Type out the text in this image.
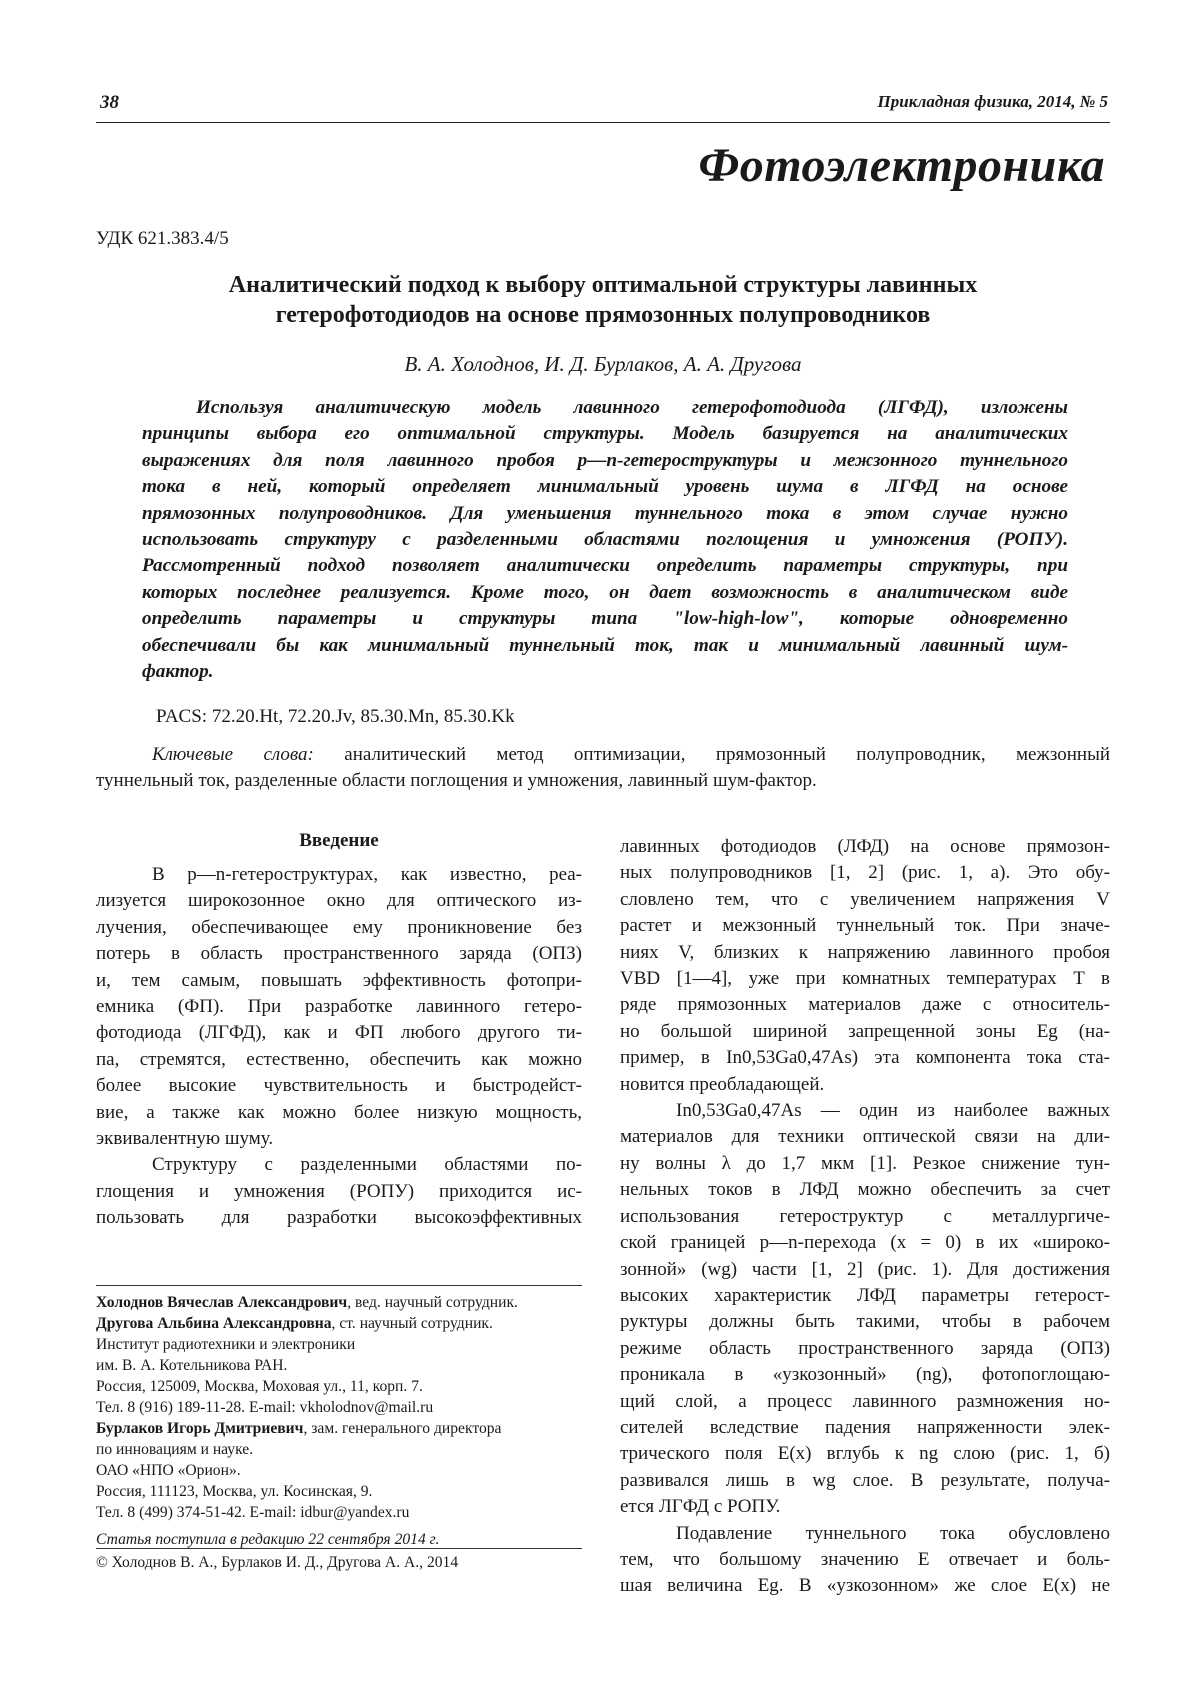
38	Прикладная физика, 2014, № 5
Фотоэлектроника
УДК 621.383.4/5
Аналитический подход к выбору оптимальной структуры лавинных
гетерофотодиодов на основе прямозонных полупроводников
В. А. Холоднов, И. Д. Бурлаков, А. А. Другова
Используя аналитическую модель лавинного гетерофотодиода (ЛГФД), изложены
принципы выбора его оптимальной структуры. Модель базируется на аналитических
выражениях для поля лавинного пробоя p—n-гетероструктуры и межзонного туннельного
тока в ней, который определяет минимальный уровень шума в ЛГФД на основе
прямозонных полупроводников. Для уменьшения туннельного тока в этом случае нужно
использовать структуру с разделенными областями поглощения и умножения (РОПУ).
Рассмотренный подход позволяет аналитически определить параметры структуры, при
которых последнее реализуется. Кроме того, он дает возможность в аналитическом виде
определить параметры и структуры типа "low-high-low", которые одновременно
обеспечивали бы как минимальный туннельный ток, так и минимальный лавинный шум-
фактор.
PACS: 72.20.Ht, 72.20.Jv, 85.30.Mn, 85.30.Kk
Ключевые слова: аналитический метод оптимизации, прямозонный полупроводник, межзонный
туннельный ток, разделенные области поглощения и умножения, лавинный шум-фактор.
Введение
В p—n-гетероструктурах, как известно, реа-
лизуется широкозонное окно для оптического из-
лучения, обеспечивающее ему проникновение без
потерь в область пространственного заряда (ОПЗ)
и, тем самым, повышать эффективность фотопри-
емника (ФП). При разработке лавинного гетеро-
фотодиода (ЛГФД), как и ФП любого другого ти-
па, стремятся, естественно, обеспечить как можно
более высокие чувствительность и быстродейст-
вие, а также как можно более низкую мощность,
эквивалентную шуму.
Структуру с разделенными областями по-
глощения и умножения (РОПУ) приходится ис-
пользовать для разработки высокоэффективных
лавинных фотодиодов (ЛФД) на основе прямозон-
ных полупроводников [1, 2] (рис. 1, а). Это обу-
словлено тем, что с увеличением напряжения V
растет и межзонный туннельный ток. При значе-
ниях V, близких к напряжению лавинного пробоя
VBD [1—4], уже при комнатных температурах T в
ряде прямозонных материалов даже с относитель-
но большой шириной запрещенной зоны Eg (на-
пример, в In0,53Ga0,47As) эта компонента тока ста-
новится преобладающей.
In0,53Ga0,47As — один из наиболее важных
материалов для техники оптической связи на дли-
ну волны λ до 1,7 мкм [1]. Резкое снижение тун-
нельных токов в ЛФД можно обеспечить за счет
использования гетероструктур с металлургиче-
ской границей p—n-перехода (x = 0) в их «широко-
зонной» (wg) части [1, 2] (рис. 1). Для достижения
высоких характеристик ЛФД параметры гетерост-
руктуры должны быть такими, чтобы в рабочем
режиме область пространственного заряда (ОПЗ)
проникала в «узкозонный» (ng), фотопоглощаю-
щий слой, а процесс лавинного размножения но-
сителей вследствие падения напряженности элек-
трического поля E(x) вглубь к ng слою (рис. 1, б)
развивался лишь в wg слое. В результате, получа-
ется ЛГФД с РОПУ.
Подавление туннельного тока обусловлено
тем, что большому значению E отвечает и боль-
шая величина Eg. В «узкозонном» же слое E(x) не
Холоднов Вячеслав Александрович, вед. научный сотрудник.
Другова Альбина Александровна, ст. научный сотрудник.
Институт радиотехники и электроники
им. В. А. Котельникова РАН.
Россия, 125009, Москва, Моховая ул., 11, корп. 7.
Тел. 8 (916) 189-11-28. E-mail: vkholodnov@mail.ru
Бурлаков Игорь Дмитриевич, зам. генерального директора
по инновациям и науке.
ОАО «НПО «Орион».
Россия, 111123, Москва, ул. Косинская, 9.
Тел. 8 (499) 374-51-42. E-mail: idbur@yandex.ru
Статья поступила в редакцию 22 сентября 2014 г.
© Холоднов В. А., Бурлаков И. Д., Другова А. А., 2014
